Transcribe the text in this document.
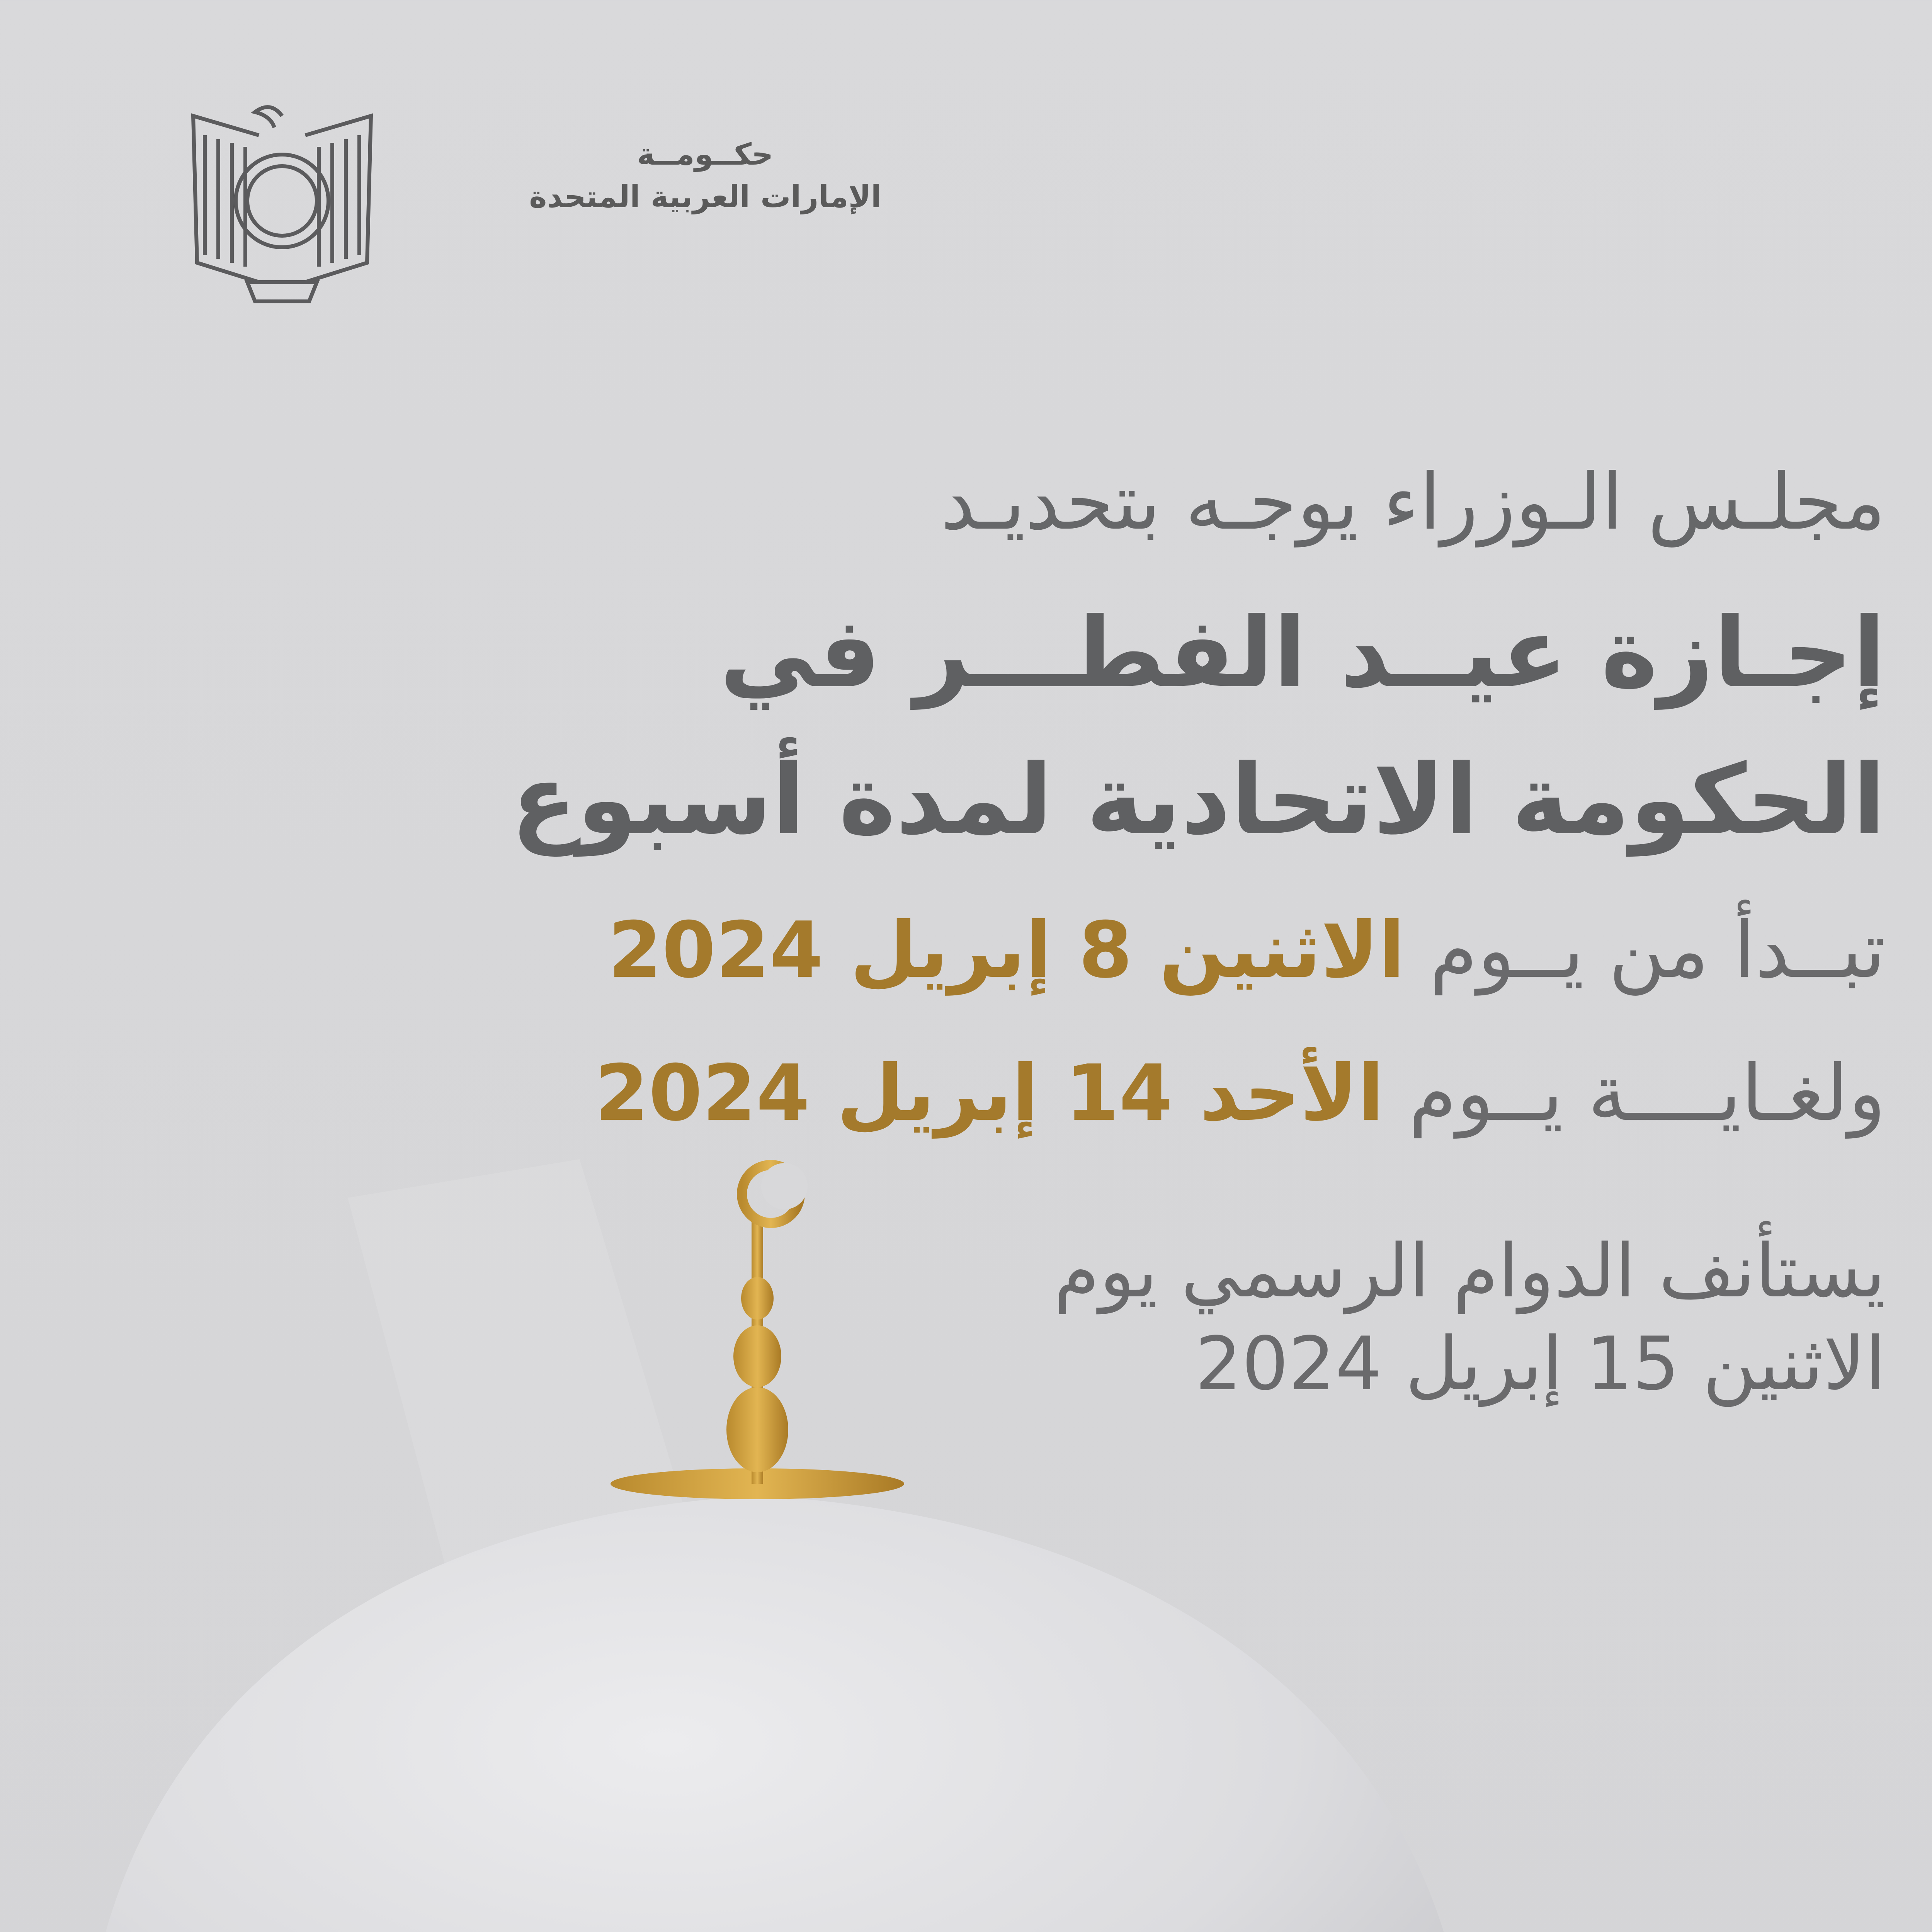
حكــومــة
الإمارات العربية المتحدة
مجلـس الـوزراء يوجـه بتحديـد
إجـازة عيــد الفطـــر في
الحكومة الاتحادية لمدة أسبوع
تبــدأ من يــوم الاثنين 8 إبريل 2024
ولغـايــــة يــوم الأحد 14 إبريل 2024
يستأنف الدوام الرسمي يوم
الاثنين 15 إبريل 2024
